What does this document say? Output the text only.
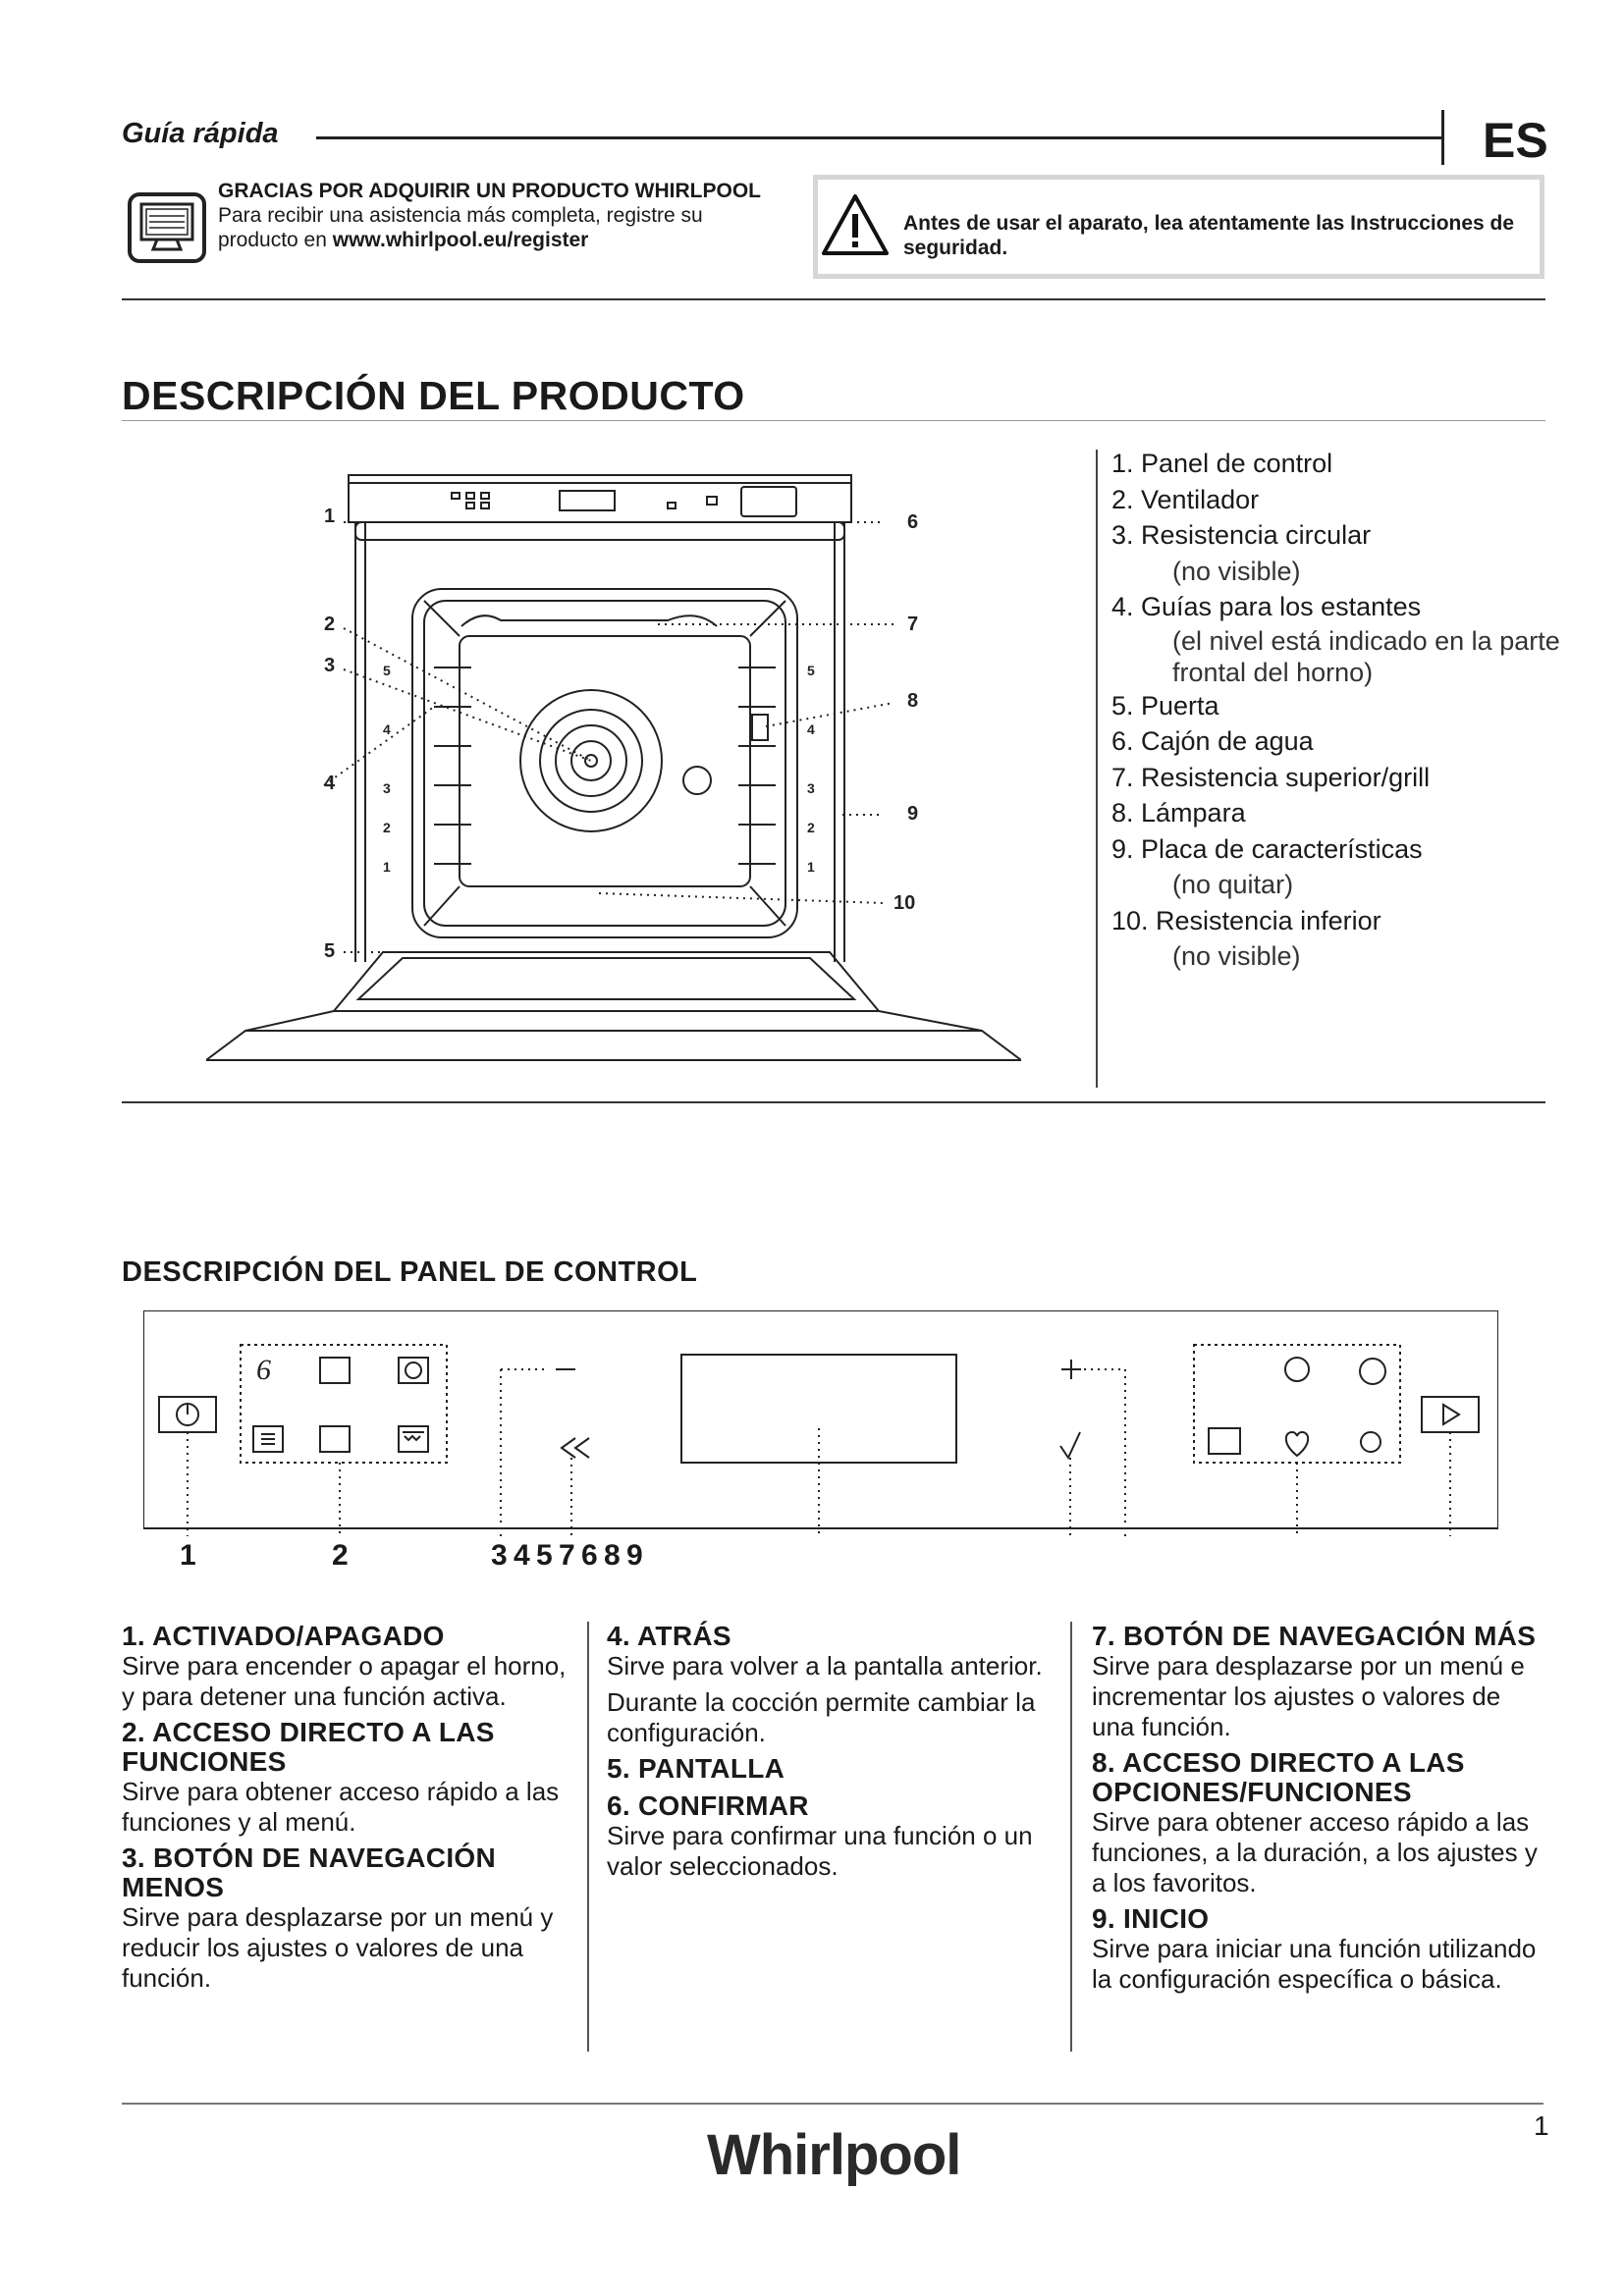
Guía rápida	ES
GRACIAS POR ADQUIRIR UN PRODUCTO WHIRLPOOL
Para recibir una asistencia más completa, registre su producto en www.whirlpool.eu/register
Antes de usar el aparato, lea atentamente las Instrucciones de seguridad.
DESCRIPCIÓN DEL PRODUCTO
1
2
3
4
5
6
7
8
9
10
5
4
3
2
1
5
4
3
2
1
1. Panel de control
2. Ventilador
3. Resistencia circular
(no visible)
4. Guías para los estantes
(el nivel está indicado en la parte frontal del horno)
5. Puerta
6. Cajón de agua
7. Resistencia superior/grill
8. Lámpara
9. Placa de características
(no quitar)
10. Resistencia inferior
(no visible)
DESCRIPCIÓN DEL PANEL DE CONTROL
6
1	2	3 4 5 7 6 8 9
1. ACTIVADO/APAGADO

Sirve para encender o apagar el horno, y para detener una función activa.

2. ACCESO DIRECTO A LAS FUNCIONES

Sirve para obtener acceso rápido a las funciones y al menú.

3. BOTÓN DE NAVEGACIÓN MENOS

Sirve para desplazarse por un menú y reducir los ajustes o valores de una función.

4. ATRÁS

Sirve para volver a la pantalla anterior.

Durante la cocción permite cambiar la configuración.

5. PANTALLA
6. CONFIRMAR

Sirve para confirmar una función o un valor seleccionados.

7. BOTÓN DE NAVEGACIÓN MÁS

Sirve para desplazarse por un menú e incrementar los ajustes o valores de una función.

8. ACCESO DIRECTO A LAS OPCIONES/FUNCIONES

Sirve para obtener acceso rápido a las funciones, a la duración, a los ajustes y a los favoritos.

9. INICIO

Sirve para iniciar una función utilizando la configuración específica o básica.

1
Whirlpool
